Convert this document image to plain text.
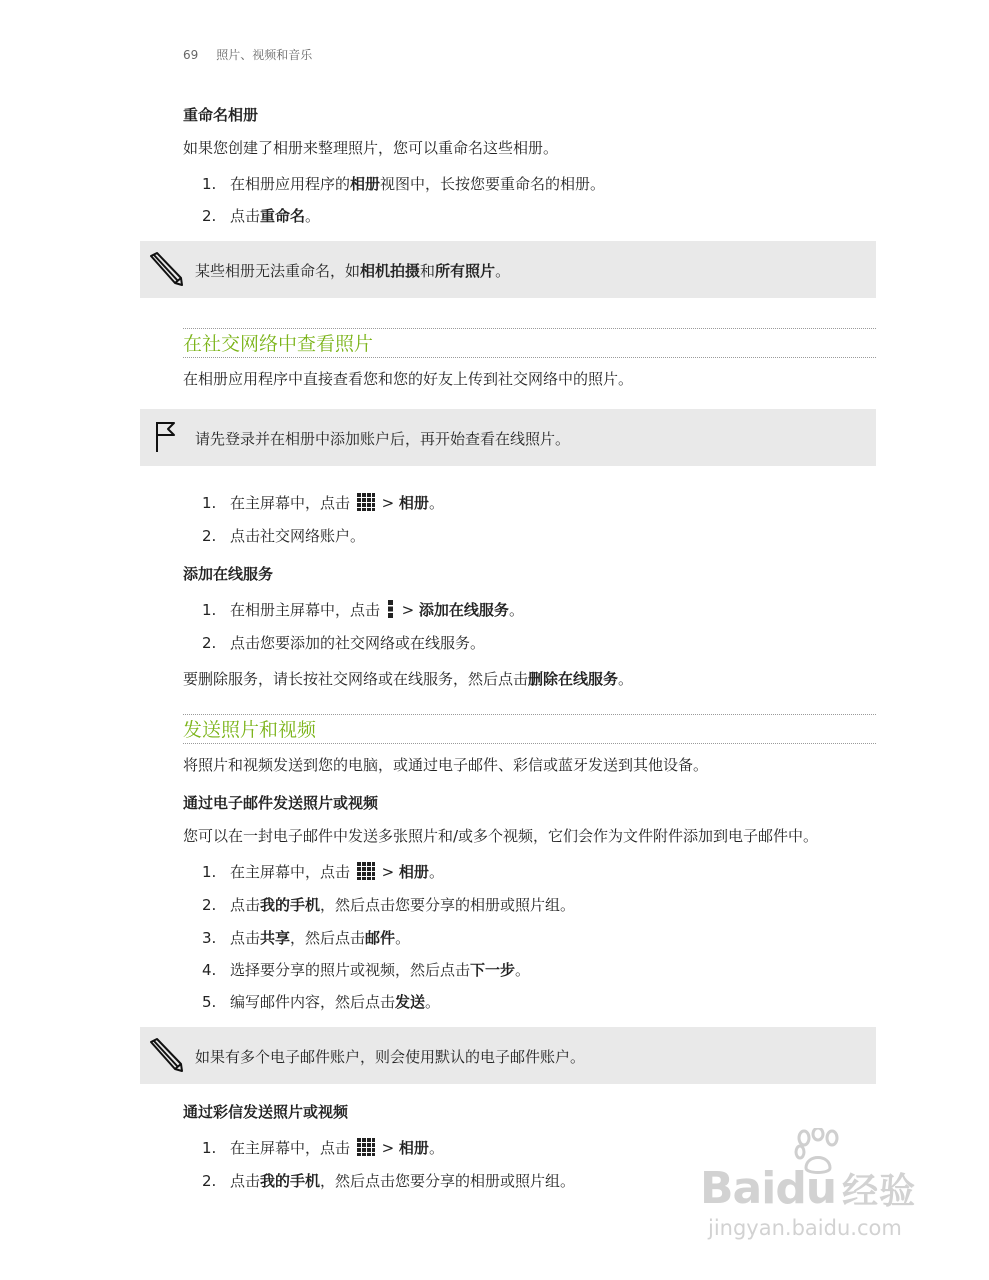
69 照片、视频和音乐
重命名相册
如果您创建了相册来整理照片，您可以重命名这些相册。
1. 在相册应用程序的相册视图中，长按您要重命名的相册。
2. 点击重命名。
某些相册无法重命名，如相机拍摄和所有照片。
在社交网络中查看照片
在相册应用程序中直接查看您和您的好友上传到社交网络中的照片。
请先登录并在相册中添加账户后，再开始查看在线照片。
1. 在主屏幕中，点击 > 相册。
2. 点击社交网络账户。
添加在线服务
1. 在相册主屏幕中，点击 > 添加在线服务。
2. 点击您要添加的社交网络或在线服务。
要删除服务，请长按社交网络或在线服务，然后点击删除在线服务。
发送照片和视频
将照片和视频发送到您的电脑，或通过电子邮件、彩信或蓝牙发送到其他设备。
通过电子邮件发送照片或视频
您可以在一封电子邮件中发送多张照片和/或多个视频，它们会作为文件附件添加到电子邮件中。
1. 在主屏幕中，点击 > 相册。
2. 点击我的手机，然后点击您要分享的相册或照片组。
3. 点击共享，然后点击邮件。
4. 选择要分享的照片或视频，然后点击下一步。
5. 编写邮件内容，然后点击发送。
如果有多个电子邮件账户，则会使用默认的电子邮件账户。
通过彩信发送照片或视频
1. 在主屏幕中，点击 > 相册。
2. 点击我的手机，然后点击您要分享的相册或照片组。	Baidu 经验
jingyan.baidu.com
